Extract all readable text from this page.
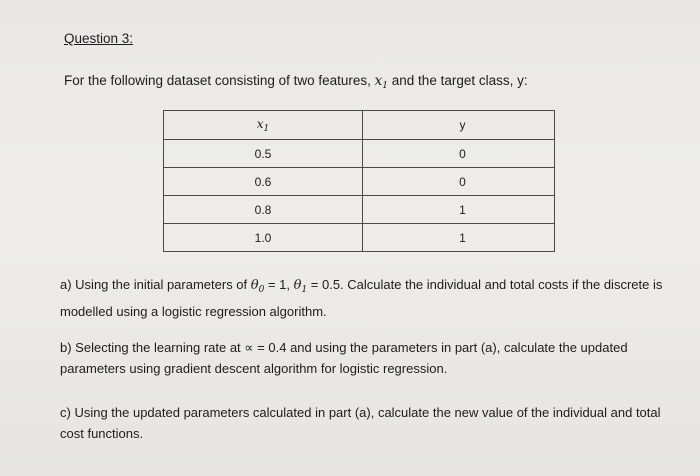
Question 3:
For the following dataset consisting of two features, $x_1$ and the target class, y:
$x_1$	y
0.5	0
0.6	0
0.8	1
1.0	1
a) Using the initial parameters of $\theta_0 = 1$, $\theta_1 = 0.5$. Calculate the individual and total costs if the discrete is modelled using a logistic regression algorithm.
b) Selecting the learning rate at ∝ = 0.4 and using the parameters in part (a), calculate the updated parameters using gradient descent algorithm for logistic regression.
c) Using the updated parameters calculated in part (a), calculate the new value of the individual and total cost functions.
